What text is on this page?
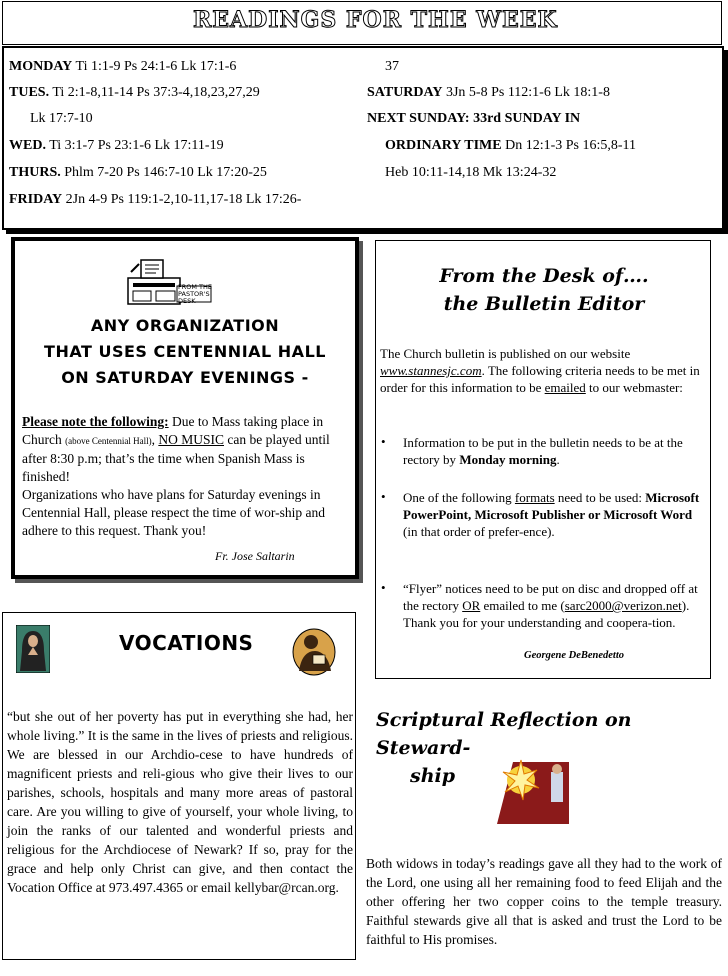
READINGS FOR THE WEEK
MONDAY Ti 1:1-9 Ps 24:1-6 Lk 17:1-6
TUES. Ti 2:1-8,11-14 Ps 37:3-4,18,23,27,29
Lk 17:7-10
WED. Ti 3:1-7 Ps 23:1-6 Lk 17:11-19
THURS. Phlm 7-20 Ps 146:7-10 Lk 17:20-25
FRIDAY 2Jn 4-9 Ps 119:1-2,10-11,17-18 Lk 17:26-
37
SATURDAY 3Jn 5-8 Ps 112:1-6 Lk 18:1-8
NEXT SUNDAY: 33rd SUNDAY IN
ORDINARY TIME Dn 12:1-3 Ps 16:5,8-11
Heb 10:11-14,18 Mk 13:24-32
FROM THE PASTOR'S DESK
ANY ORGANIZATION
THAT USES CENTENNIAL HALL
ON SATURDAY EVENINGS -
Please note the following: Due to Mass taking place in Church (above Centennial Hall), NO MUSIC can be played until after 8:30 p.m; that’s the time when Spanish Mass is finished!
Organizations who have plans for Saturday evenings in Centennial Hall, please respect the time of wor-ship and adhere to this request. Thank you!
Fr. Jose Saltarin
From the Desk of….
the Bulletin Editor
The Church bulletin is published on our website www.stannesjc.com. The following criteria needs to be met in order for this information to be emailed to our webmaster:
• Information to be put in the bulletin needs to be at the rectory by Monday morning.
• One of the following formats need to be used: Microsoft PowerPoint, Microsoft Publisher or Microsoft Word (in that order of prefer-ence).
• “Flyer” notices need to be put on disc and dropped off at the rectory OR emailed to me (sarc2000@verizon.net).
Thank you for your understanding and coopera-tion.
Georgene DeBenedetto
VOCATIONS
“but she out of her poverty has put in everything she had, her whole living.” It is the same in the lives of priests and religious. We are blessed in our Archdio-cese to have hundreds of magnificent priests and reli-gious who give their lives to our parishes, schools, hospitals and many more areas of pastoral care. Are you willing to give of yourself, your whole living, to join the ranks of our talented and wonderful priests and religious for the Archdiocese of Newark? If so, pray for the grace and help only Christ can give, and then contact the Vocation Office at 973.497.4365 or email kellybar@rcan.org.
Scriptural Reflection on Steward-
ship
Both widows in today’s readings gave all they had to the work of the Lord, one using all her remaining food to feed Elijah and the other offering her two copper coins to the temple treasury. Faithful stewards give all that is asked and trust the Lord to be faithful to His promises.
